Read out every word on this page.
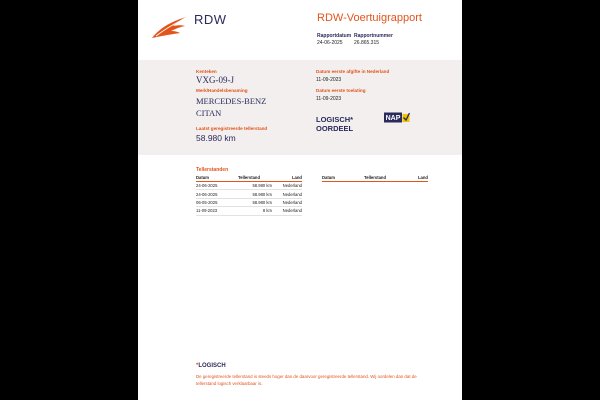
RDW	RDW-Voertuigrapport
Rapportdatum
24-06-2025
Rapportnummer
26.865.315
Kenteken
VXG-09-J
Merk/Handelsbenaming
MERCEDES-BENZ
CITAN
Laatst geregistreerde tellerstand
58.980 km
Datum eerste afgifte in Nederland
11-09-2023
Datum eerste toelating
11-09-2023
LOGISCH*
OORDEEL
NAP
Tellerstanden
Datum	Tellerstand	Land
24-06-2025	58.980 km	Nederland
24-06-2025	58.980 km	Nederland
06-05-2025	58.980 km	Nederland
11-09-2023	8 km	Nederland
Datum	Tellerstand	Land
*LOGISCH
De geregistreerde tellerstand is steeds hoger dan de daarvoor geregistreerde tellerstand. Wij oordelen dan dat de tellerstand logisch verklaarbaar is.
